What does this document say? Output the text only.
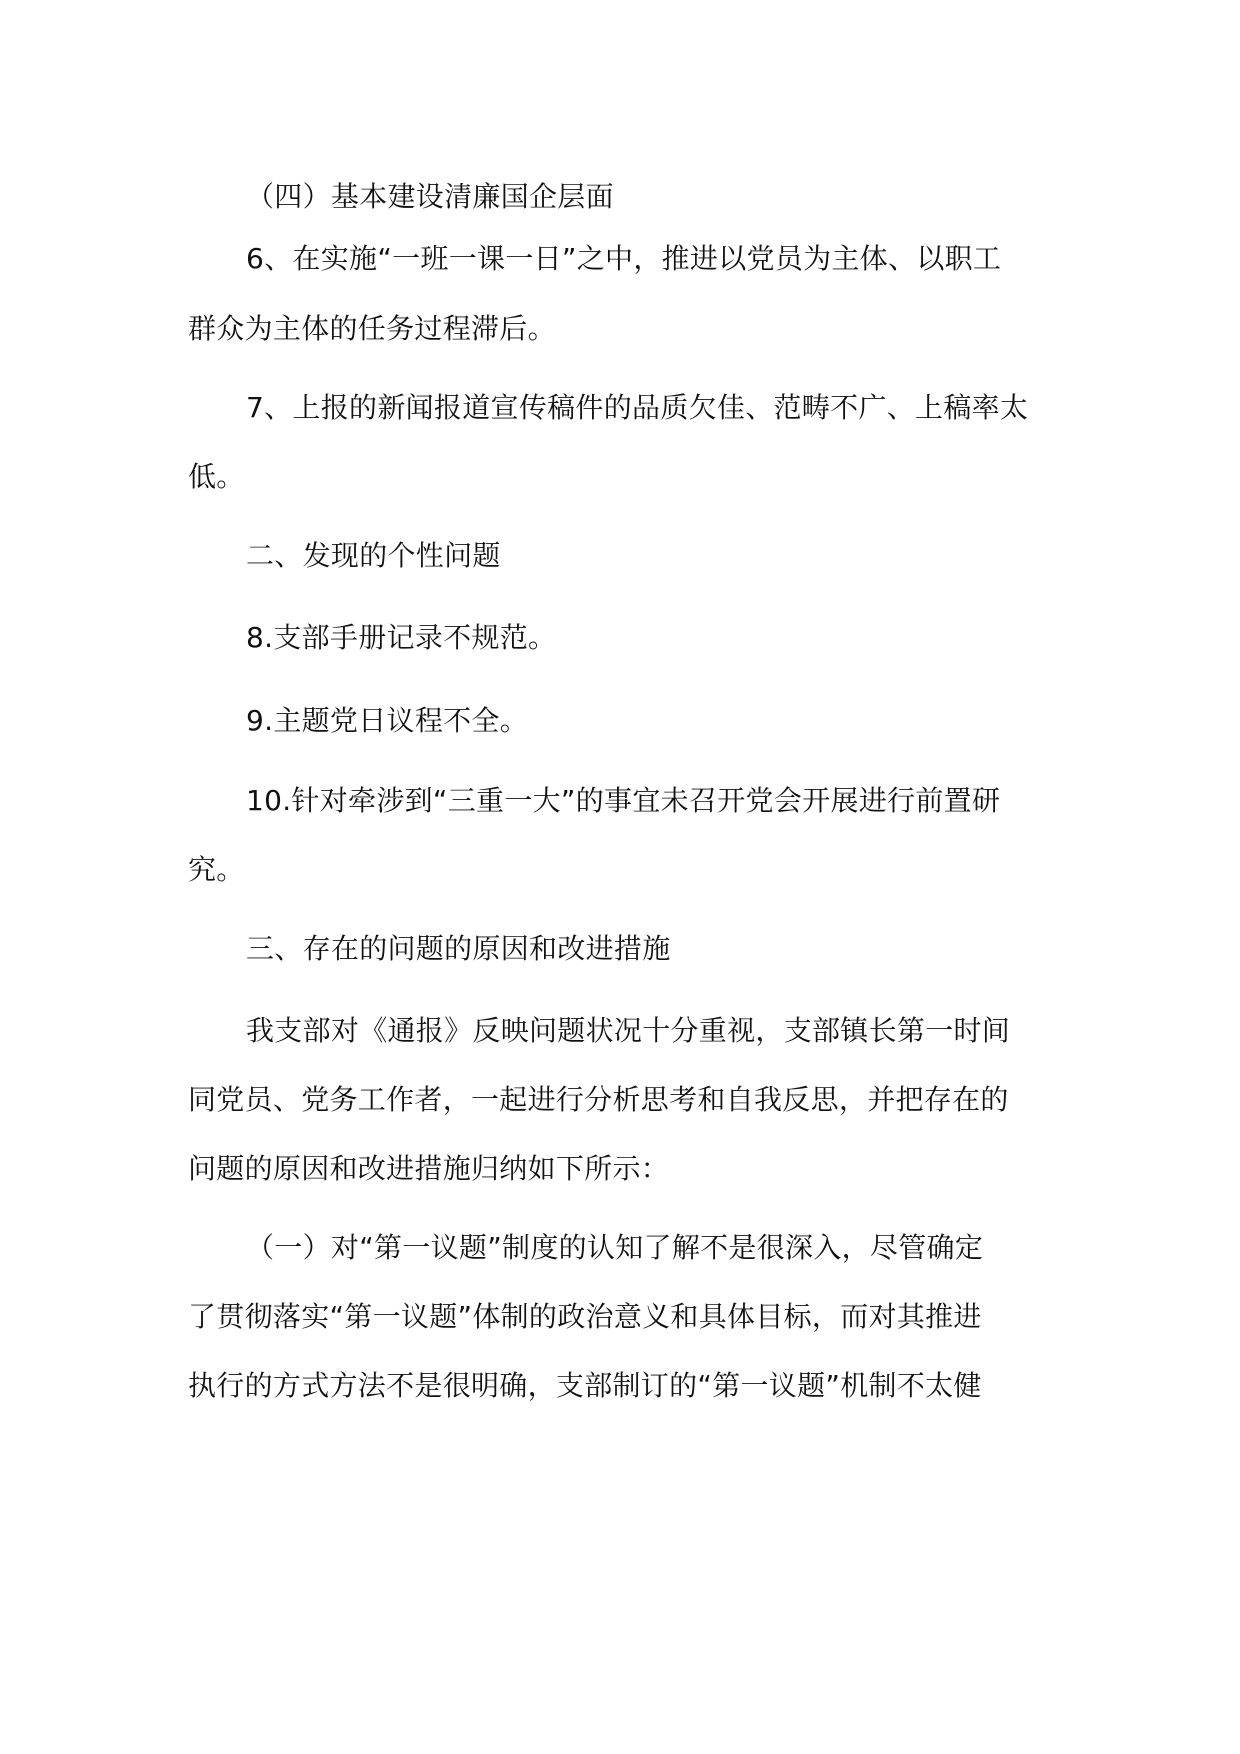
（四）基本建设清廉国企层面
6、在实施“一班一课一日”之中，推进以党员为主体、以职工
群众为主体的任务过程滞后。
7、上报的新闻报道宣传稿件的品质欠佳、范畴不广、上稿率太
低。
二、发现的个性问题
8.支部手册记录不规范。
9.主题党日议程不全。
10.针对牵涉到“三重一大”的事宜未召开党会开展进行前置研
究。
三、存在的问题的原因和改进措施
我支部对《通报》反映问题状况十分重视，支部镇长第一时间
同党员、党务工作者，一起进行分析思考和自我反思，并把存在的
问题的原因和改进措施归纳如下所示：
（一）对“第一议题”制度的认知了解不是很深入，尽管确定
了贯彻落实“第一议题”体制的政治意义和具体目标，而对其推进
执行的方式方法不是很明确，支部制订的“第一议题”机制不太健
